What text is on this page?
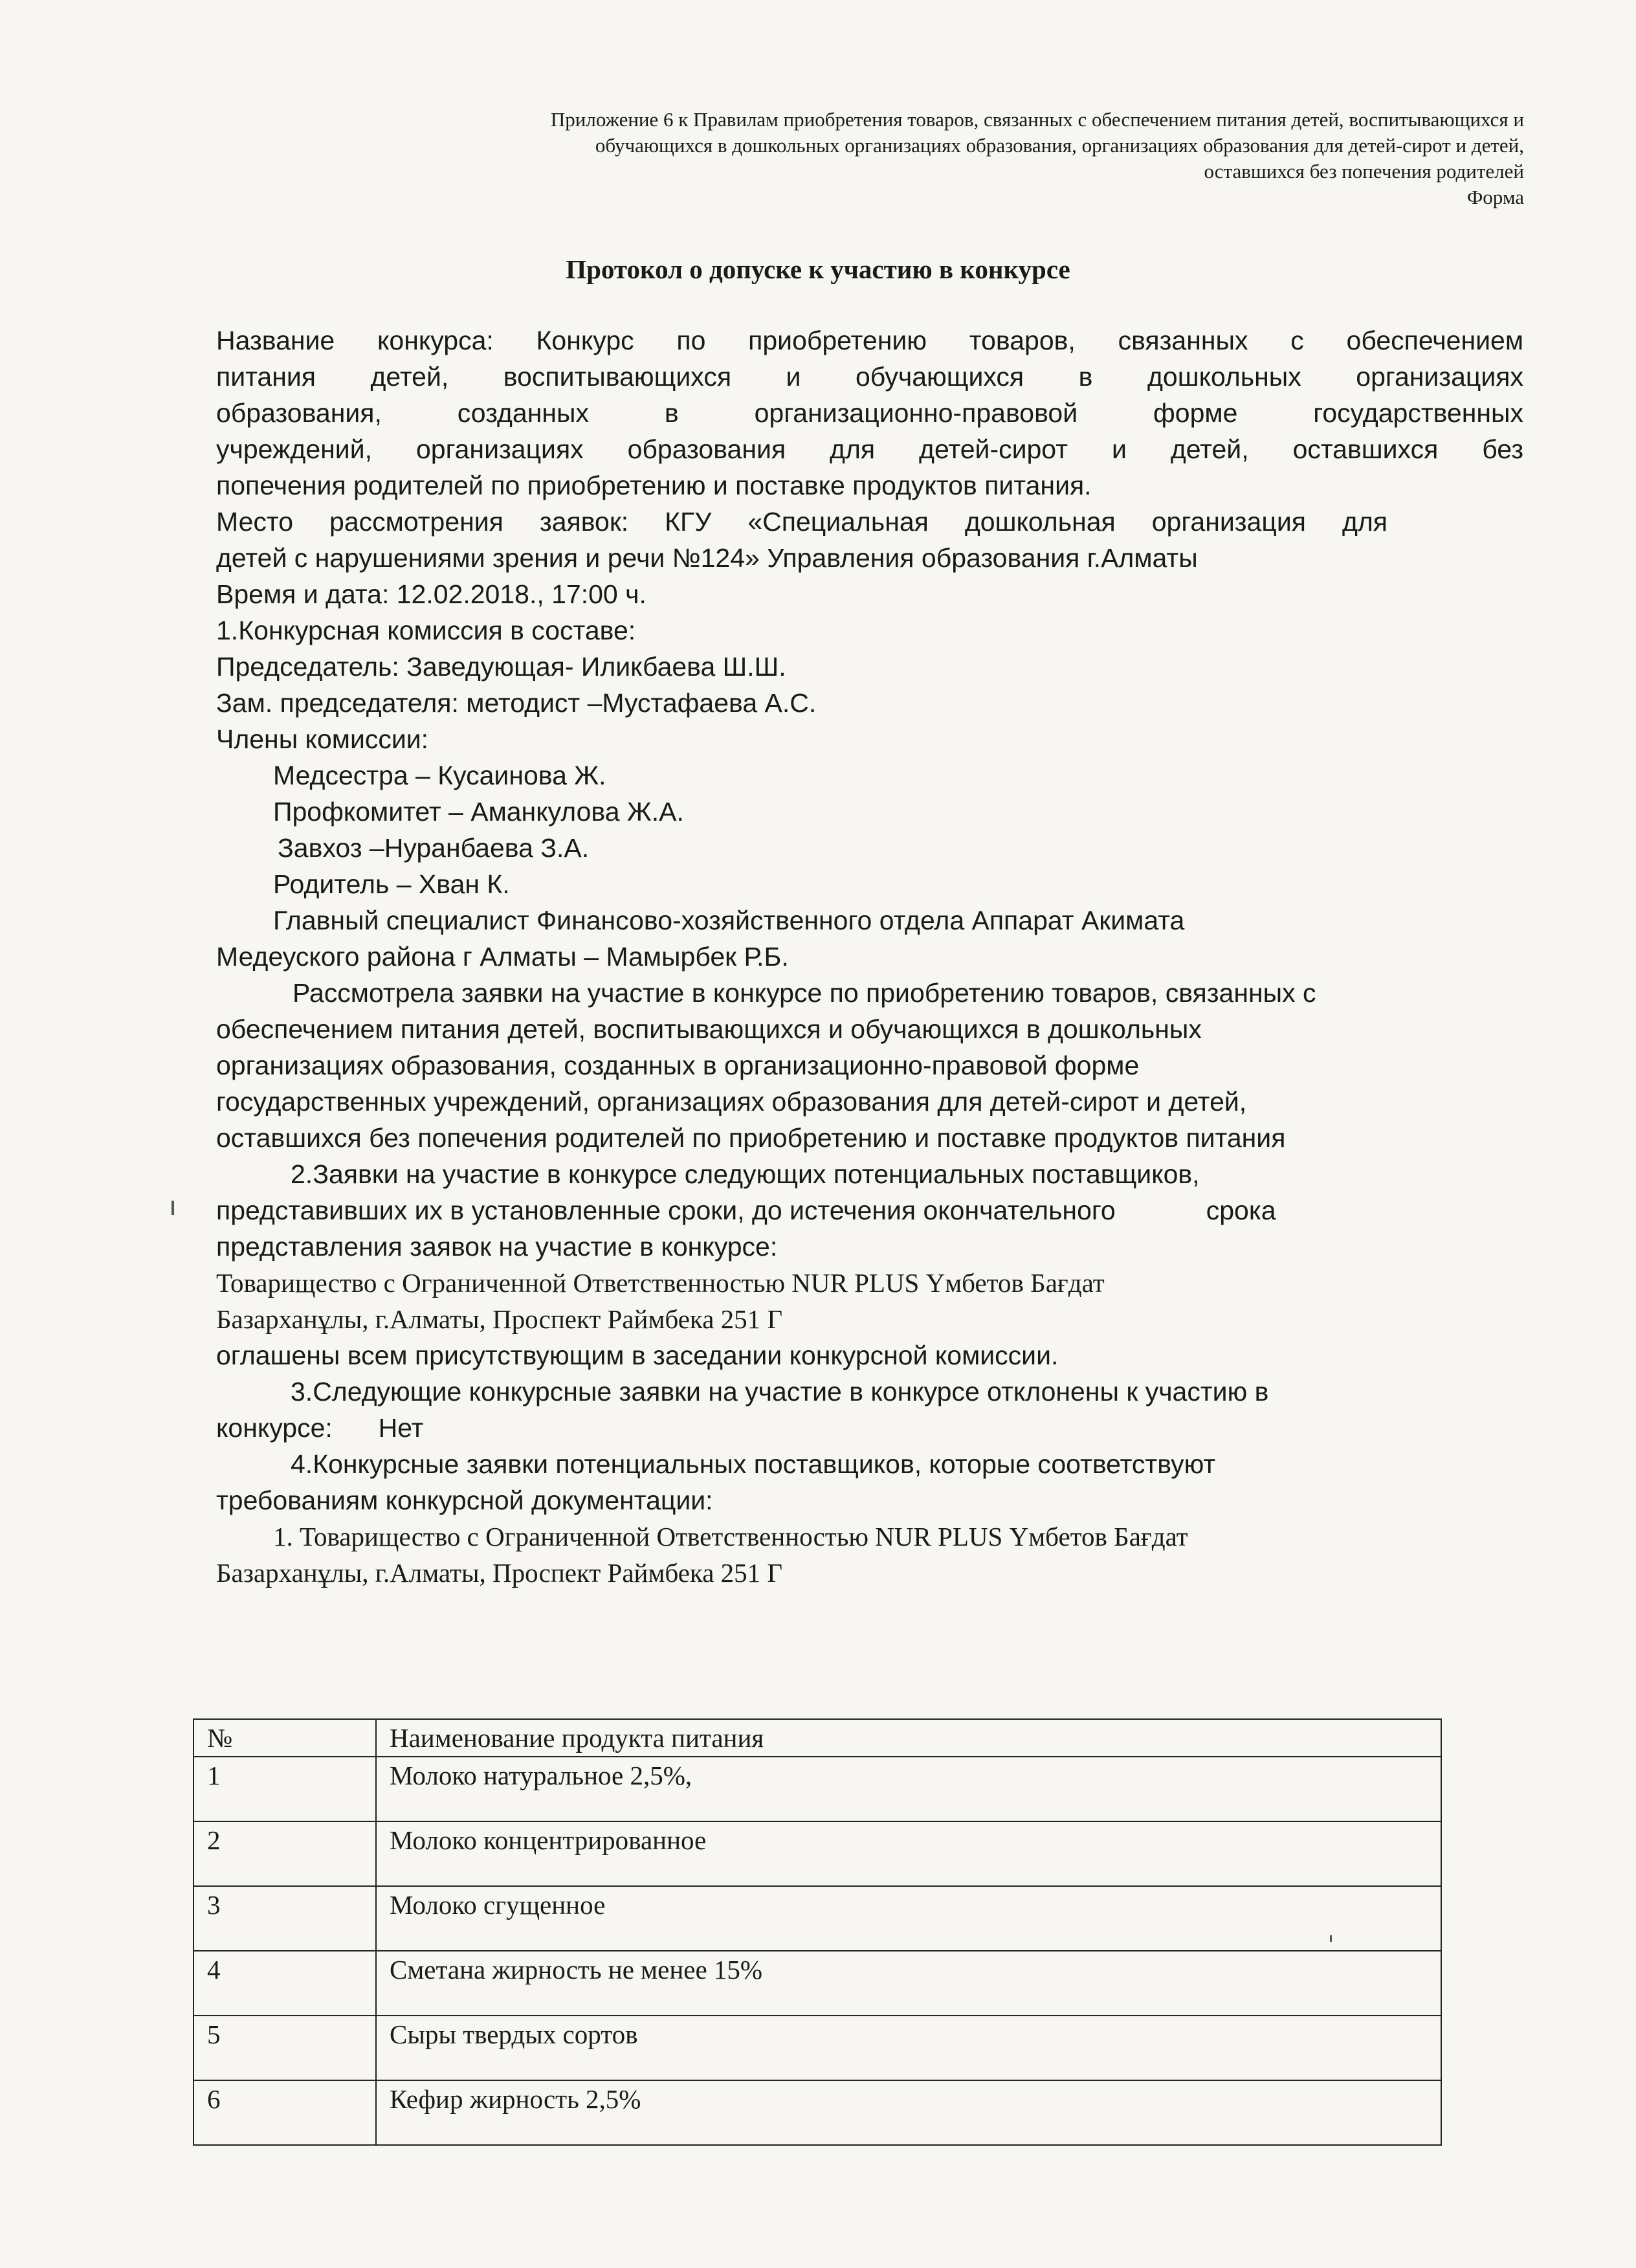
Приложение 6 к Правилам приобретения товаров, связанных с обеспечением питания детей, воспитывающихся и
обучающихся в дошкольных организациях образования, организациях образования для детей-сирот и детей,
оставшихся без попечения родителей
Форма
Протокол о допуске к участию в конкурсе
Название конкурса: Конкурс по приобретению товаров, связанных с обеспечением
питания детей, воспитывающихся и обучающихся в дошкольных организациях
образования, созданных в организационно-правовой форме государственных
учреждений, организациях образования для детей-сирот и детей, оставшихся без
попечения родителей по приобретению и поставке продуктов питания.
Место рассмотрения заявок: КГУ «Специальная дошкольная организация для
детей с нарушениями зрения и речи №124» Управления образования г.Алматы
Время и дата: 12.02.2018., 17:00 ч.
1.Конкурсная комиссия в составе:
Председатель: Заведующая- Иликбаева Ш.Ш.
Зам. председателя: методист –Мустафаева А.С.
Члены комиссии:
Медсестра – Кусаинова Ж.
Профкомитет – Аманкулова Ж.А.
Завхоз –Нуранбаева З.А.
Родитель – Хван К.
Главный специалист Финансово-хозяйственного отдела Аппарат Акимата
Медеуского района г Алматы – Мамырбек Р.Б.
Рассмотрела заявки на участие в конкурсе по приобретению товаров, связанных с
обеспечением питания детей, воспитывающихся и обучающихся в дошкольных
организациях образования, созданных в организационно-правовой форме
государственных учреждений, организациях образования для детей-сирот и детей,
оставшихся без попечения родителей по приобретению и поставке продуктов питания
2.Заявки на участие в конкурсе следующих потенциальных поставщиков,
представивших их в установленные сроки, до истечения окончательного	срока
представления заявок на участие в конкурсе:
Товарищество с Ограниченной Ответственностью NUR PLUS Үмбетов Бағдат
Базарханұлы, г.Алматы, Проспект Раймбека 251 Г
оглашены всем присутствующим в заседании конкурсной комиссии.
3.Следующие конкурсные заявки на участие в конкурсе отклонены к участию в
конкурсе: Нет
4.Конкурсные заявки потенциальных поставщиков, которые соответствуют
требованиям конкурсной документации:
1. Товарищество с Ограниченной Ответственностью NUR PLUS Үмбетов Бағдат
Базарханұлы, г.Алматы, Проспект Раймбека 251 Г
№	Наименование продукта питания
1	Молоко натуральное 2,5%,
2	Молоко концентрированное
3	Молоко сгущенное
4	Сметана жирность не менее 15%
5	Сыры твердых сортов
6	Кефир жирность 2,5%
